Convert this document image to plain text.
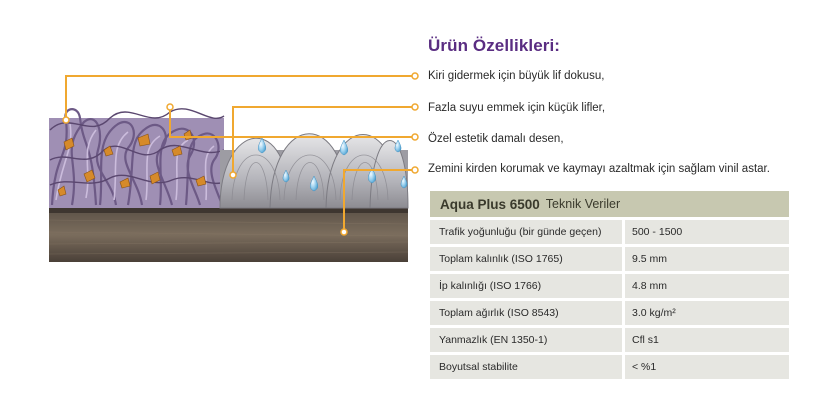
Ürün Özellikleri:
Kiri gidermek için büyük lif dokusu,
Fazla suyu emmek için küçük lifler,
Özel estetik damalı desen,
Zemini kirden korumak ve kaymayı azaltmak için sağlam vinil astar.
Aqua Plus 6500 Teknik Veriler
Trafik yoğunluğu (bir günde geçen)	500 - 1500
Toplam kalınlık (ISO 1765)	9.5 mm
İp kalınlığı (ISO 1766)	4.8 mm
Toplam ağırlık (ISO 8543)	3.0 kg/m²
Yanmazlık (EN 1350-1)	Cfl s1
Boyutsal stabilite	< %1
